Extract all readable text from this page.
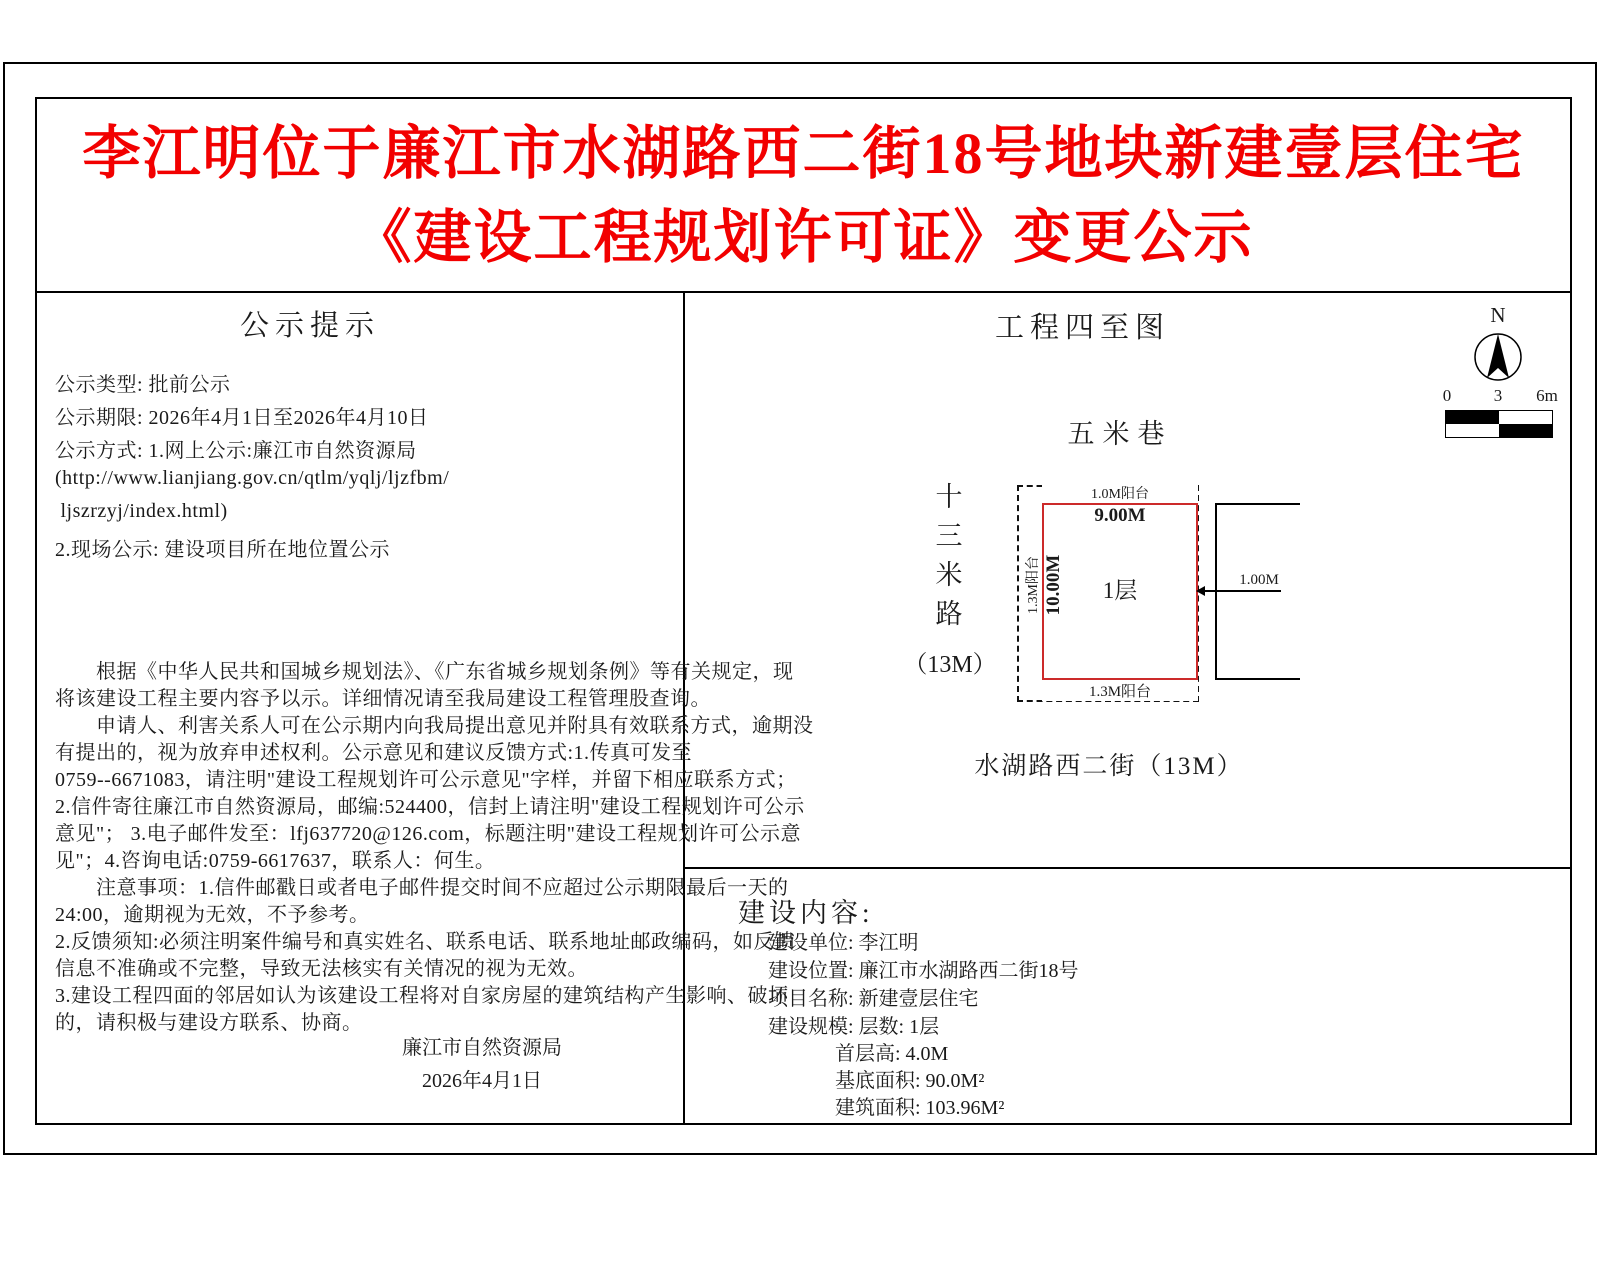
李江明位于廉江市水湖路西二街18号地块新建壹层住宅
《建设工程规划许可证》变更公示
公示提示
公示类型: 批前公示
公示期限: 2026年4月1日至2026年4月10日
公示方式: 1.网上公示:廉江市自然资源局
(http://www.lianjiang.gov.cn/qtlm/yqlj/ljzfbm/
ljszrzyj/index.html)
2.现场公示: 建设项目所在地位置公示
　　根据《中华人民共和国城乡规划法》、《广东省城乡规划条例》等有关规定，现
将该建设工程主要内容予以示。详细情况请至我局建设工程管理股查询。
　　申请人、利害关系人可在公示期内向我局提出意见并附具有效联系方式，逾期没
有提出的，视为放弃申述权利。公示意见和建议反馈方式:1.传真可发至
0759--6671083，请注明"建设工程规划许可公示意见"字样，并留下相应联系方式；
2.信件寄往廉江市自然资源局，邮编:524400，信封上请注明"建设工程规划许可公示
意见"； 3.电子邮件发至：lfj637720@126.com，标题注明"建设工程规划许可公示意
见"；4.咨询电话:0759-6617637，联系人：何生。
　　注意事项：1.信件邮戳日或者电子邮件提交时间不应超过公示期限最后一天的
24:00，逾期视为无效，不予参考。
2.反馈须知:必须注明案件编号和真实姓名、联系电话、联系地址邮政编码，如反馈
信息不准确或不完整，导致无法核实有关情况的视为无效。
3.建设工程四面的邻居如认为该建设工程将对自家房屋的建筑结构产生影响、破坏
的，请积极与建设方联系、协商。
廉江市自然资源局
2026年4月1日
工程四至图
五米巷
十三米路
（13M）
1.0M阳台
9.00M
1.3M阳台 10.00M	1层
1.3M阳台
1.00M
水湖路西二街（13M）
N
0	3	6m
建设内容:
建设单位: 李江明
建设位置: 廉江市水湖路西二街18号
项目名称: 新建壹层住宅
建设规模: 层数: 1层
首层高: 4.0M
基底面积: 90.0M²
建筑面积: 103.96M²
